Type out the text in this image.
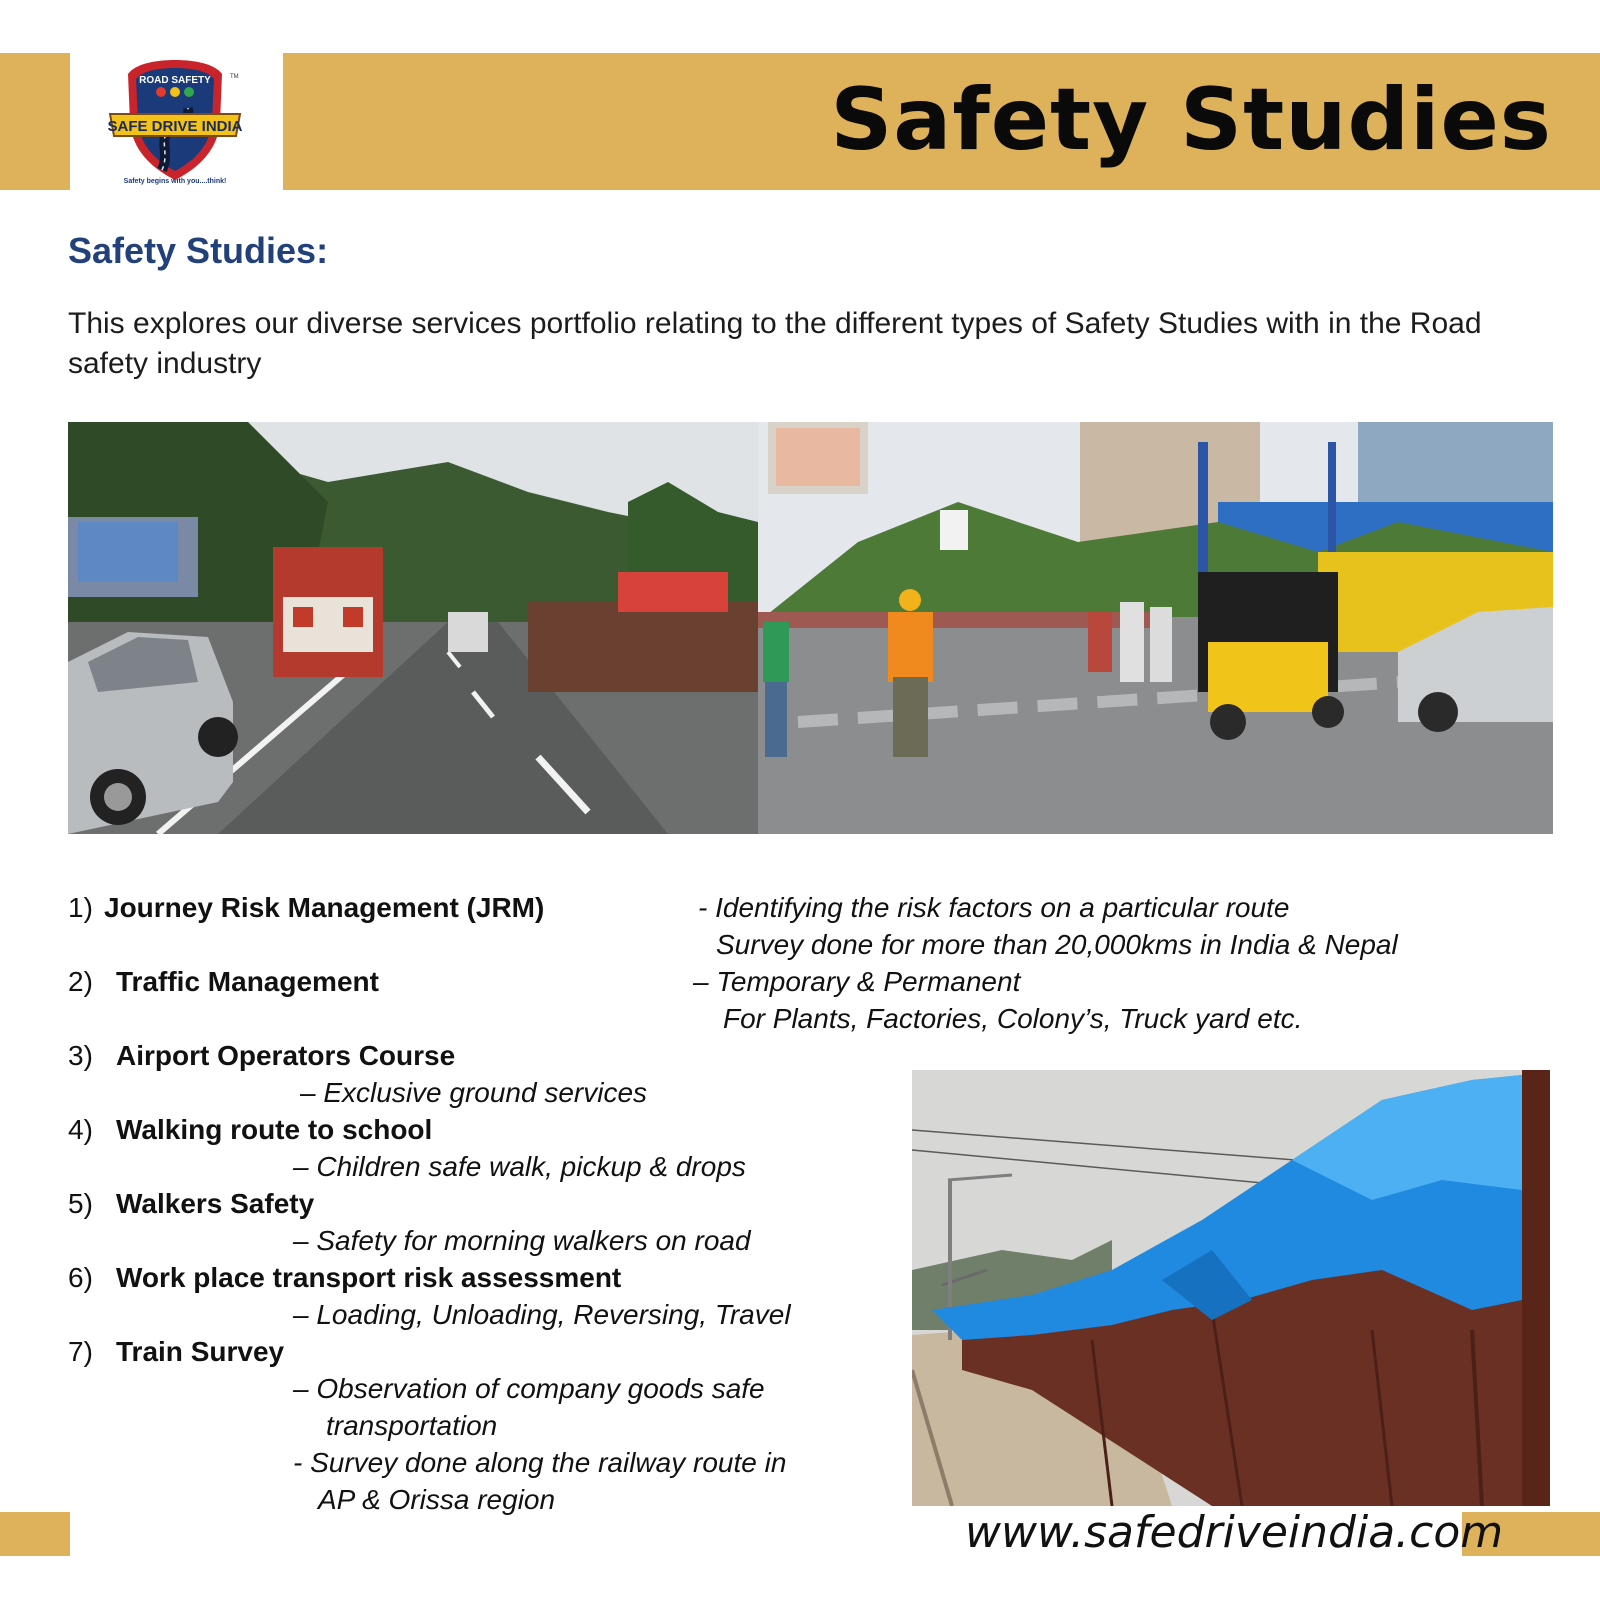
Safety Studies
ROAD SAFETY
SAFE DRIVE INDIA
TM
Safety begins with you....think!
Safety Studies:
This explores our diverse services portfolio relating to the different types of Safety Studies with in the Road safety industry
1) Journey Risk Management (JRM)	- Identifying the risk factors on a particular route
Survey done for more than 20,000kms in India & Nepal
2) Traffic Management	– Temporary & Permanent
For Plants, Factories, Colony’s, Truck yard etc.
3) Airport Operators Course
– Exclusive ground services
4) Walking route to school
– Children safe walk, pickup & drops
5) Walkers Safety
– Safety for morning walkers on road
6) Work place transport risk assessment
– Loading, Unloading, Reversing, Travel
7) Train Survey
– Observation of company goods safe
transportation
- Survey done along the railway route in
AP & Orissa region
www.safedriveindia.com
